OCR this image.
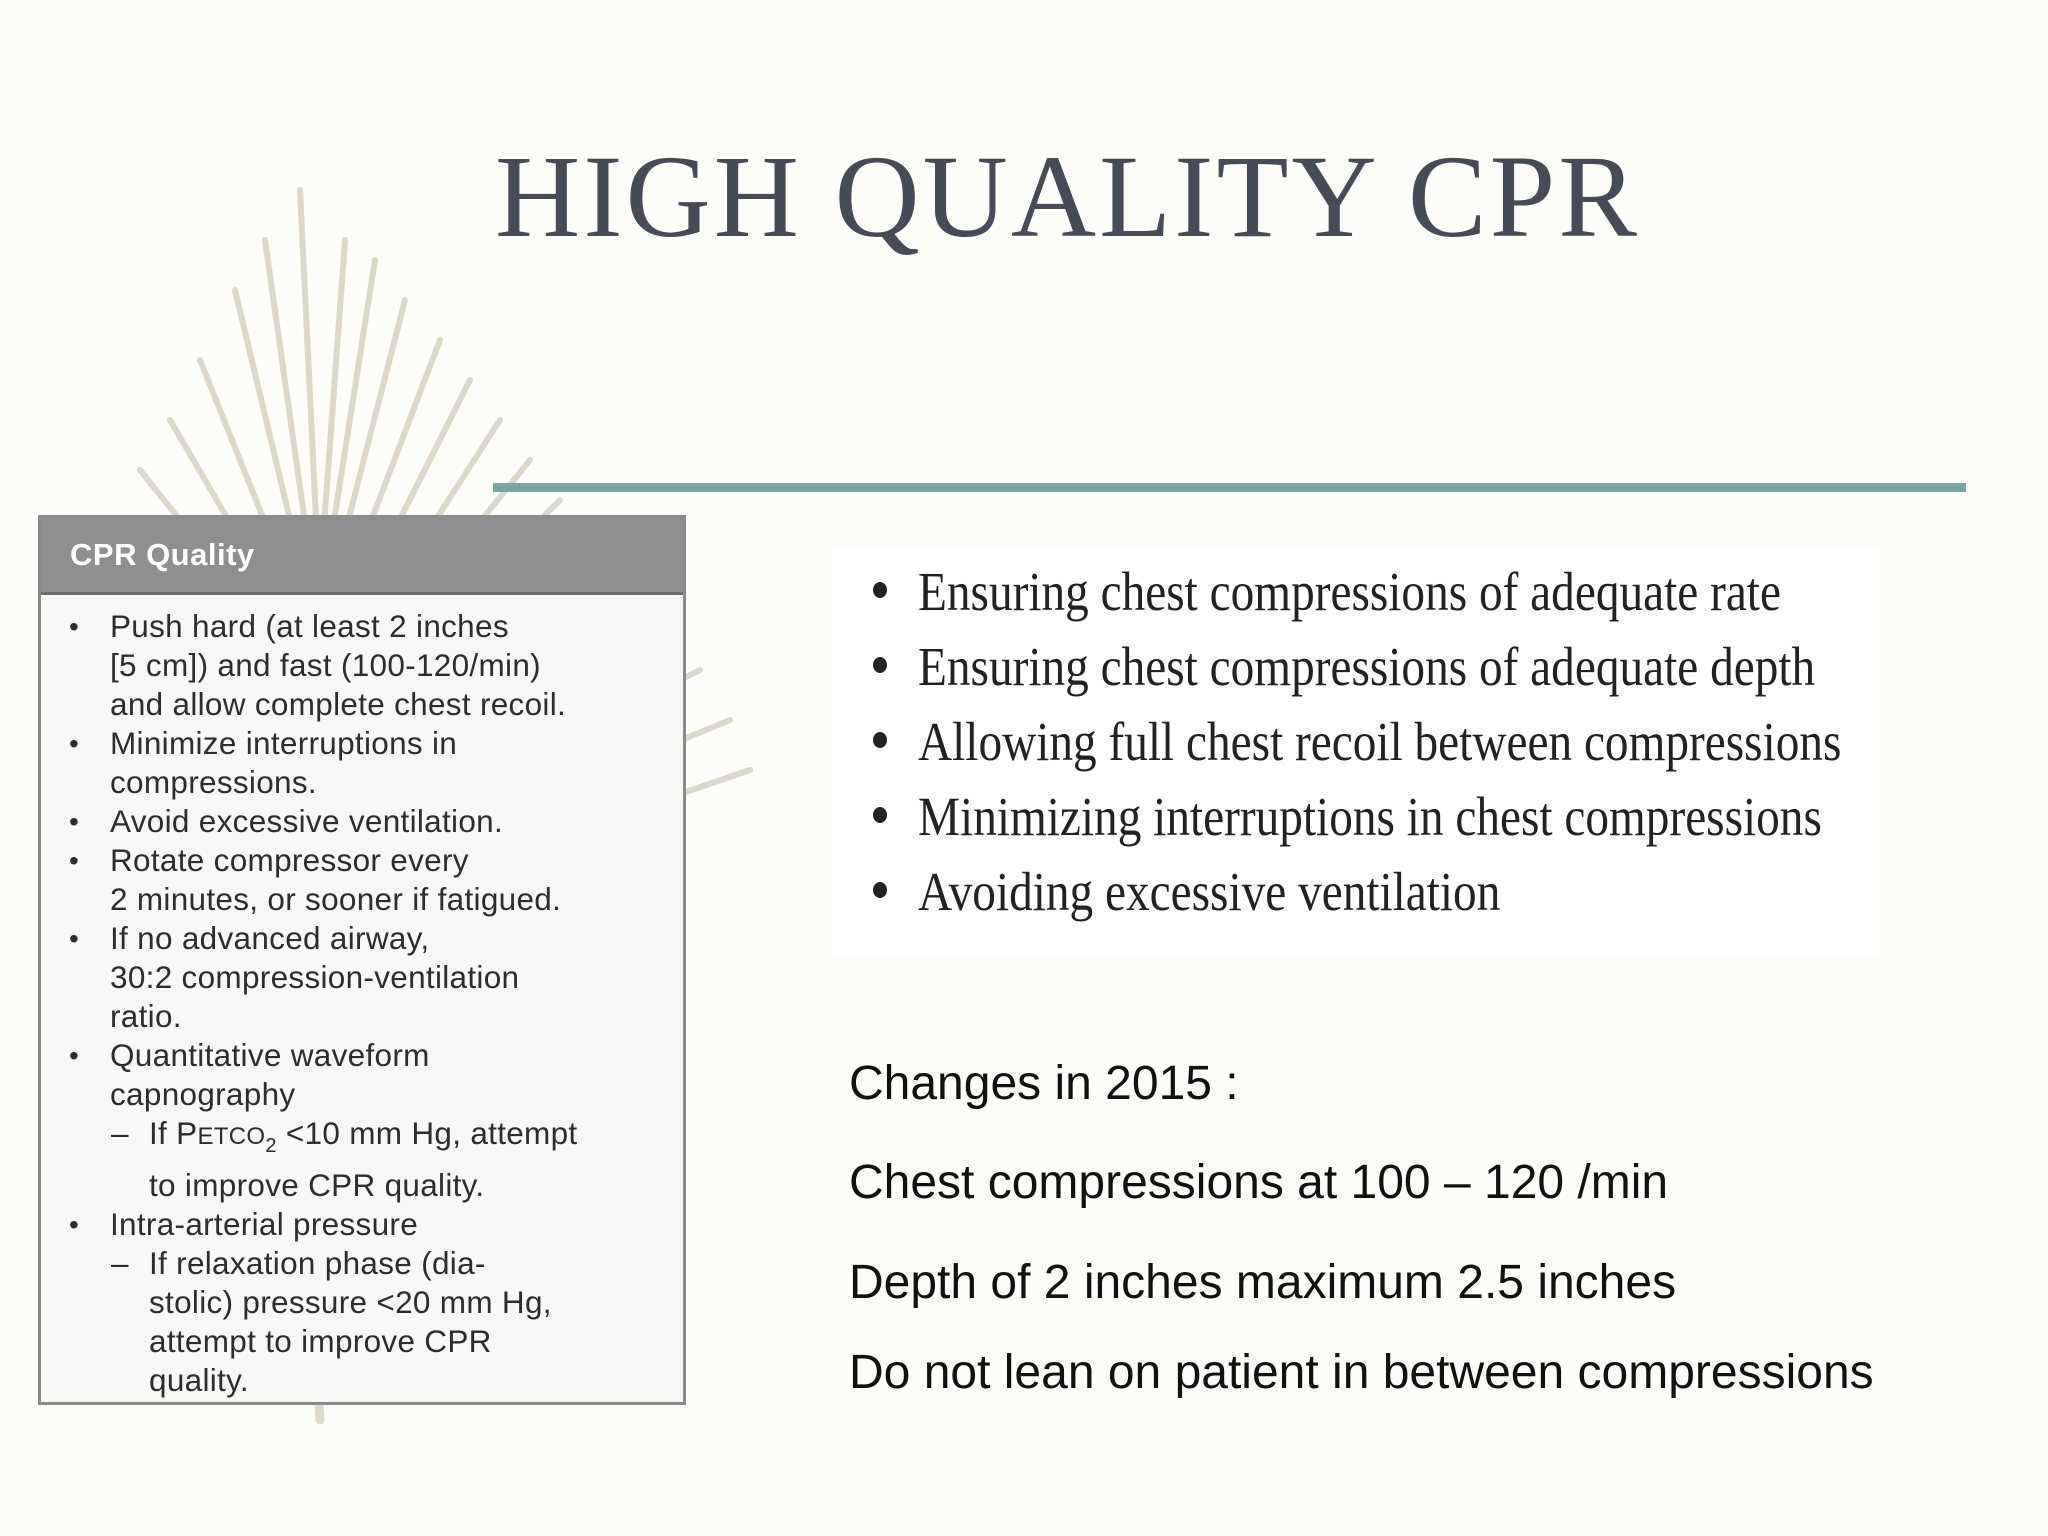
HIGH QUALITY CPR
CPR Quality
• Push hard (at least 2 inches
[5 cm]) and fast (100-120/min)
and allow complete chest recoil.
• Minimize interruptions in
compressions.
• Avoid excessive ventilation.
• Rotate compressor every
2 minutes, or sooner if fatigued.
• If no advanced airway,
30:2 compression-ventilation
ratio.
• Quantitative waveform
capnography
– If $PETCO_2 <10$ mm Hg, attempt
to improve CPR quality.
• Intra-arterial pressure
– If relaxation phase (dia-
stolic) pressure <20 mm Hg,
attempt to improve CPR
quality.
Ensuring chest compressions of adequate rate
Ensuring chest compressions of adequate depth
Allowing full chest recoil between compressions
Minimizing interruptions in chest compressions
Avoiding excessive ventilation
Changes in 2015 :
Chest compressions at 100 – 120 /min
Depth of 2 inches maximum 2.5 inches
Do not lean on patient in between compressions
